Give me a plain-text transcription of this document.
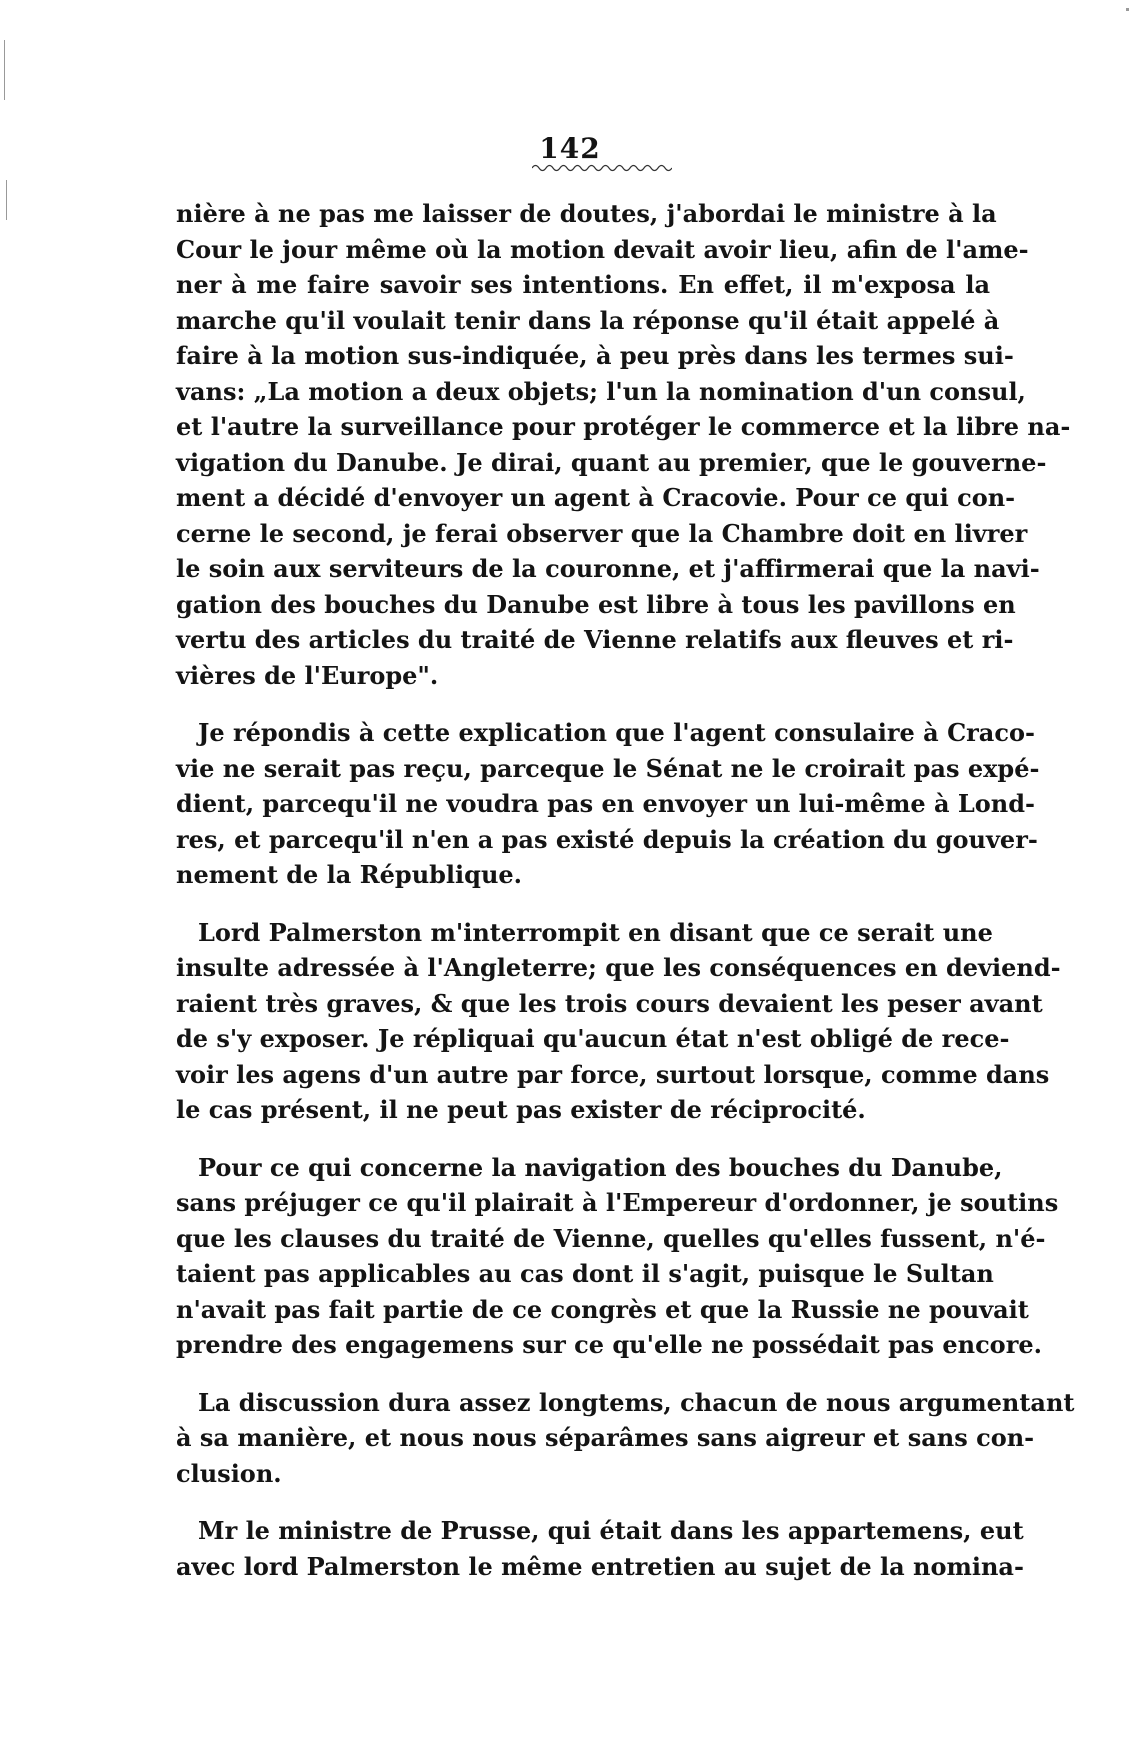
142
nière à ne pas me laisser de doutes, j'abordai le ministre à la
Cour le jour même où la motion devait avoir lieu, afin de l'ame-
ner à me faire savoir ses intentions. En effet, il m'exposa la
marche qu'il voulait tenir dans la réponse qu'il était appelé à
faire à la motion sus-indiquée, à peu près dans les termes sui-
vans: „La motion a deux objets; l'un la nomination d'un consul,
et l'autre la surveillance pour protéger le commerce et la libre na-
vigation du Danube. Je dirai, quant au premier, que le gouverne-
ment a décidé d'envoyer un agent à Cracovie. Pour ce qui con-
cerne le second, je ferai observer que la Chambre doit en livrer
le soin aux serviteurs de la couronne, et j'affirmerai que la navi-
gation des bouches du Danube est libre à tous les pavillons en
vertu des articles du traité de Vienne relatifs aux fleuves et ri-
vières de l'Europe".
Je répondis à cette explication que l'agent consulaire à Craco-
vie ne serait pas reçu, parceque le Sénat ne le croirait pas expé-
dient, parcequ'il ne voudra pas en envoyer un lui-même à Lond-
res, et parcequ'il n'en a pas existé depuis la création du gouver-
nement de la République.
Lord Palmerston m'interrompit en disant que ce serait une
insulte adressée à l'Angleterre; que les conséquences en deviend-
raient très graves, & que les trois cours devaient les peser avant
de s'y exposer. Je répliquai qu'aucun état n'est obligé de rece-
voir les agens d'un autre par force, surtout lorsque, comme dans
le cas présent, il ne peut pas exister de réciprocité.
Pour ce qui concerne la navigation des bouches du Danube,
sans préjuger ce qu'il plairait à l'Empereur d'ordonner, je soutins
que les clauses du traité de Vienne, quelles qu'elles fussent, n'é-
taient pas applicables au cas dont il s'agit, puisque le Sultan
n'avait pas fait partie de ce congrès et que la Russie ne pouvait
prendre des engagemens sur ce qu'elle ne possédait pas encore.
La discussion dura assez longtems, chacun de nous argumentant
à sa manière, et nous nous séparâmes sans aigreur et sans con-
clusion.
Mr le ministre de Prusse, qui était dans les appartemens, eut
avec lord Palmerston le même entretien au sujet de la nomina-
